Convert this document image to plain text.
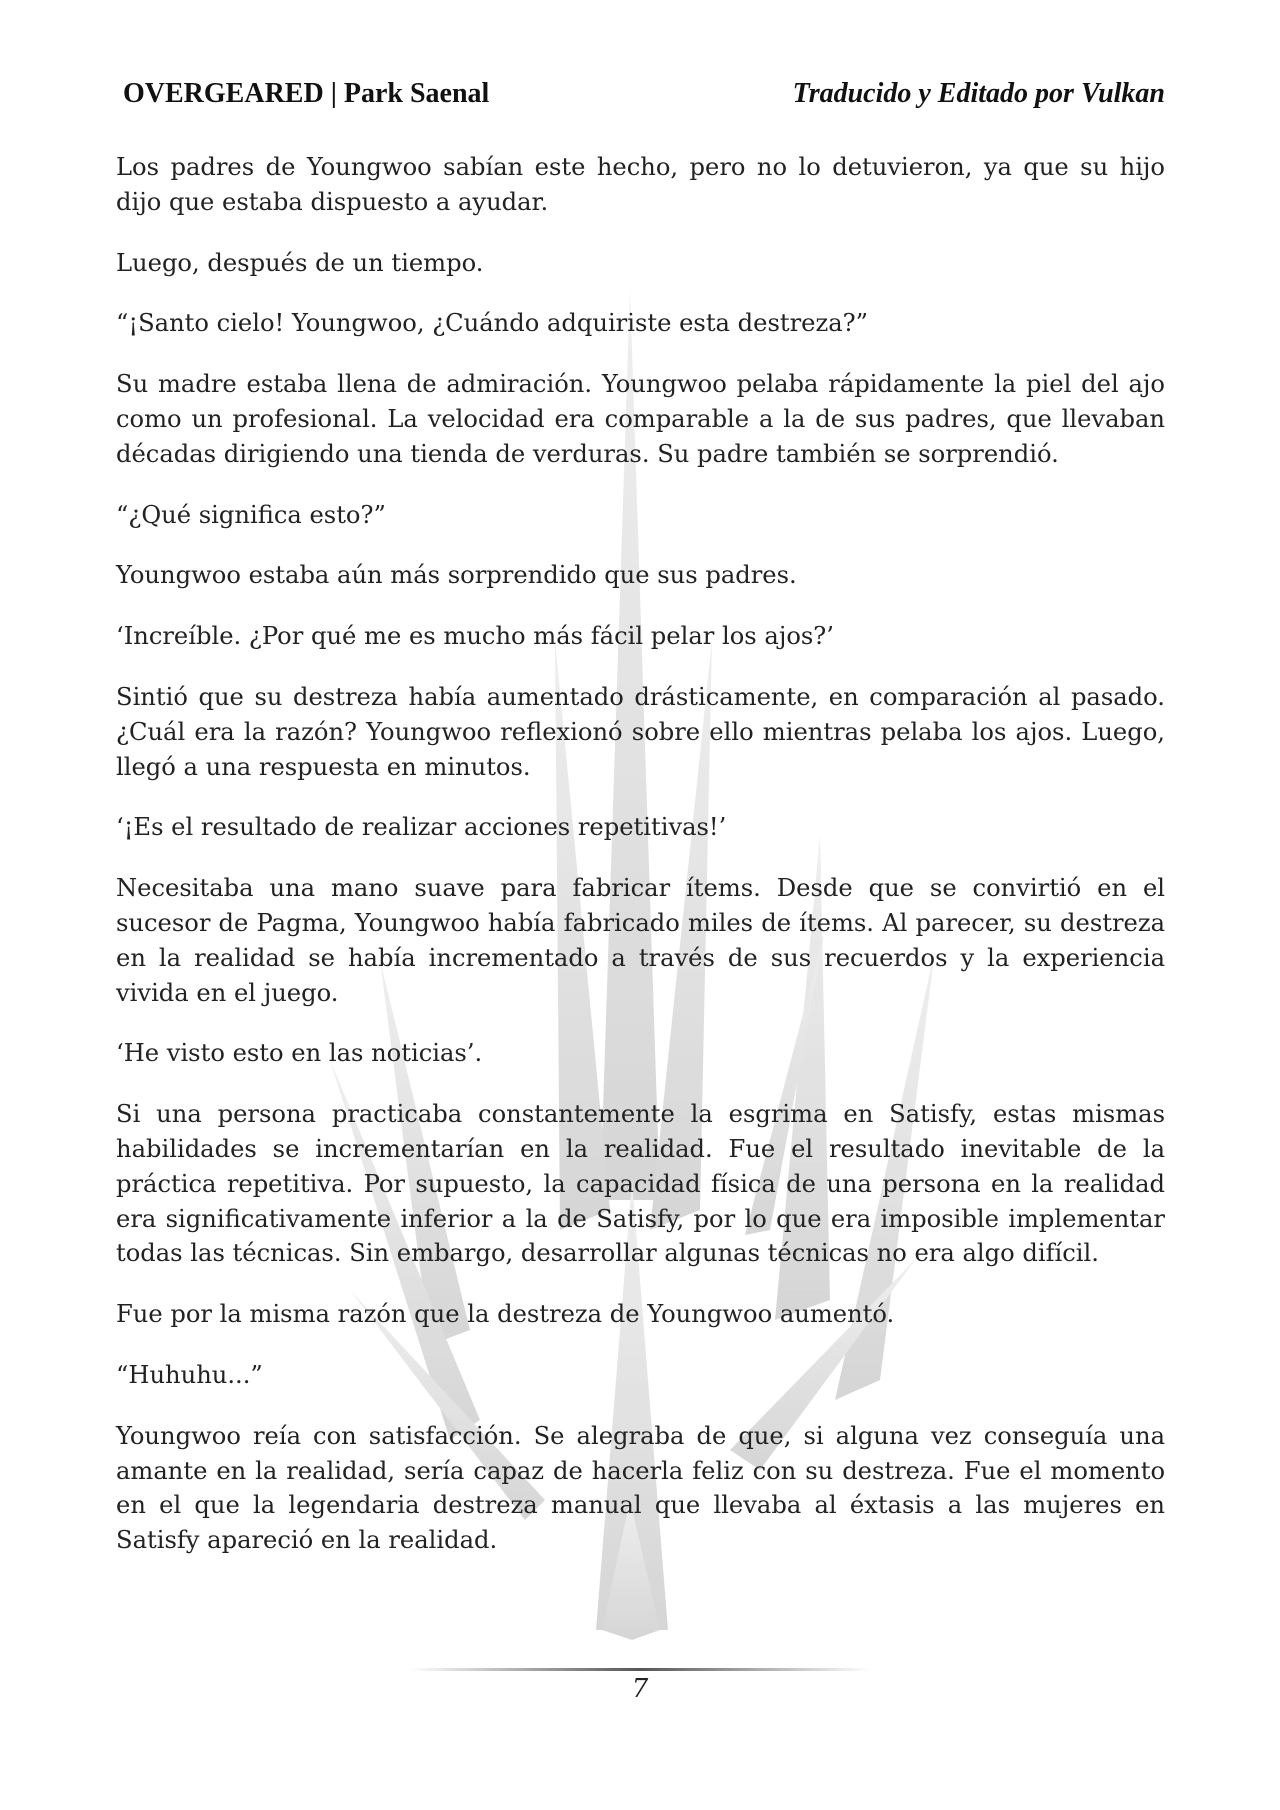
OVERGEARED | Park Saenal	Traducido y Editado por Vulkan

Los padres de Youngwoo sabían este hecho, pero no lo detuvieron, ya que su hijo dijo que estaba dispuesto a ayudar.

Luego, después de un tiempo.

“¡Santo cielo! Youngwoo, ¿Cuándo adquiriste esta destreza?”

Su madre estaba llena de admiración. Youngwoo pelaba rápidamente la piel del ajo como un profesional. La velocidad era comparable a la de sus padres, que llevaban décadas dirigiendo una tienda de verduras. Su padre también se sorprendió.

“¿Qué significa esto?”

Youngwoo estaba aún más sorprendido que sus padres.

‘Increíble. ¿Por qué me es mucho más fácil pelar los ajos?’

Sintió que su destreza había aumentado drásticamente, en comparación al pasado. ¿Cuál era la razón? Youngwoo reflexionó sobre ello mientras pelaba los ajos. Luego, llegó a una respuesta en minutos.

‘¡Es el resultado de realizar acciones repetitivas!’

Necesitaba una mano suave para fabricar ítems. Desde que se convirtió en el sucesor de Pagma, Youngwoo había fabricado miles de ítems. Al parecer, su destreza en la realidad se había incrementado a través de sus recuerdos y la experiencia vivida en el juego.

‘He visto esto en las noticias’.

Si una persona practicaba constantemente la esgrima en Satisfy, estas mismas habilidades se incrementarían en la realidad. Fue el resultado inevitable de la práctica repetitiva. Por supuesto, la capacidad física de una persona en la realidad era significativamente inferior a la de Satisfy, por lo que era imposible implementar todas las técnicas. Sin embargo, desarrollar algunas técnicas no era algo difícil.

Fue por la misma razón que la destreza de Youngwoo aumentó.

“Huhuhu...”

Youngwoo reía con satisfacción. Se alegraba de que, si alguna vez conseguía una amante en la realidad, sería capaz de hacerla feliz con su destreza. Fue el momento en el que la legendaria destreza manual que llevaba al éxtasis a las mujeres en Satisfy apareció en la realidad.

7
